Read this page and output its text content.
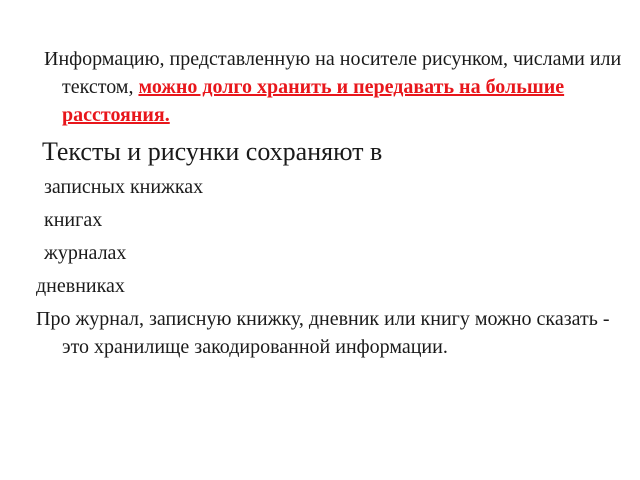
Информацию, представленную на носителе рисунком, числами или текстом, можно долго хранить и передавать на большие расстояния.

Тексты и рисунки сохраняют в

записных книжках

книгах

журналах

дневниках

Про журнал, записную книжку, дневник или книгу можно сказать - это хранилище закодированной информации.
